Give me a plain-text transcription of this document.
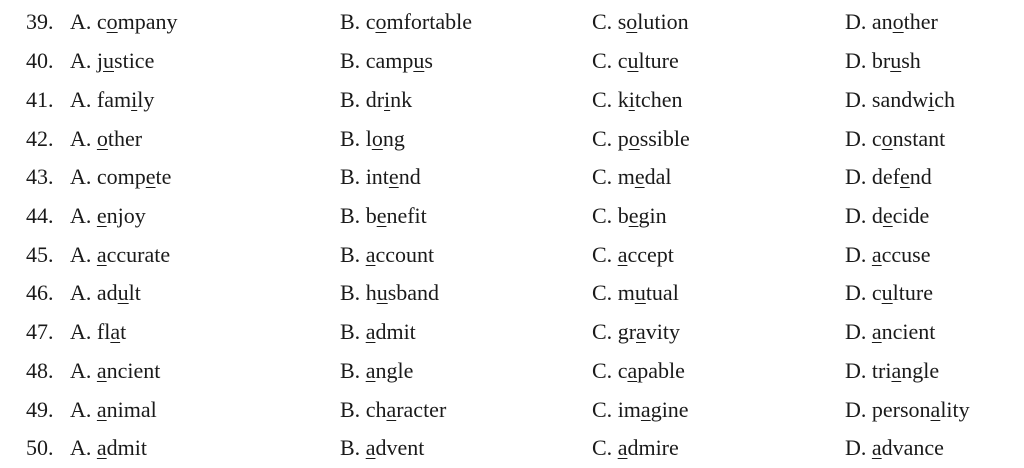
39. A. company	B. comfortable	C. solution	D. another
40. A. justice	B. campus	C. culture	D. brush
41. A. family	B. drink	C. kitchen	D. sandwich
42. A. other	B. long	C. possible	D. constant
43. A. compete	B. intend	C. medal	D. defend
44. A. enjoy	B. benefit	C. begin	D. decide
45. A. accurate	B. account	C. accept	D. accuse
46. A. adult	B. husband	C. mutual	D. culture
47. A. flat	B. admit	C. gravity	D. ancient
48. A. ancient	B. angle	C. capable	D. triangle
49. A. animal	B. character	C. imagine	D. personality
50. A. admit	B. advent	C. admire	D. advance
